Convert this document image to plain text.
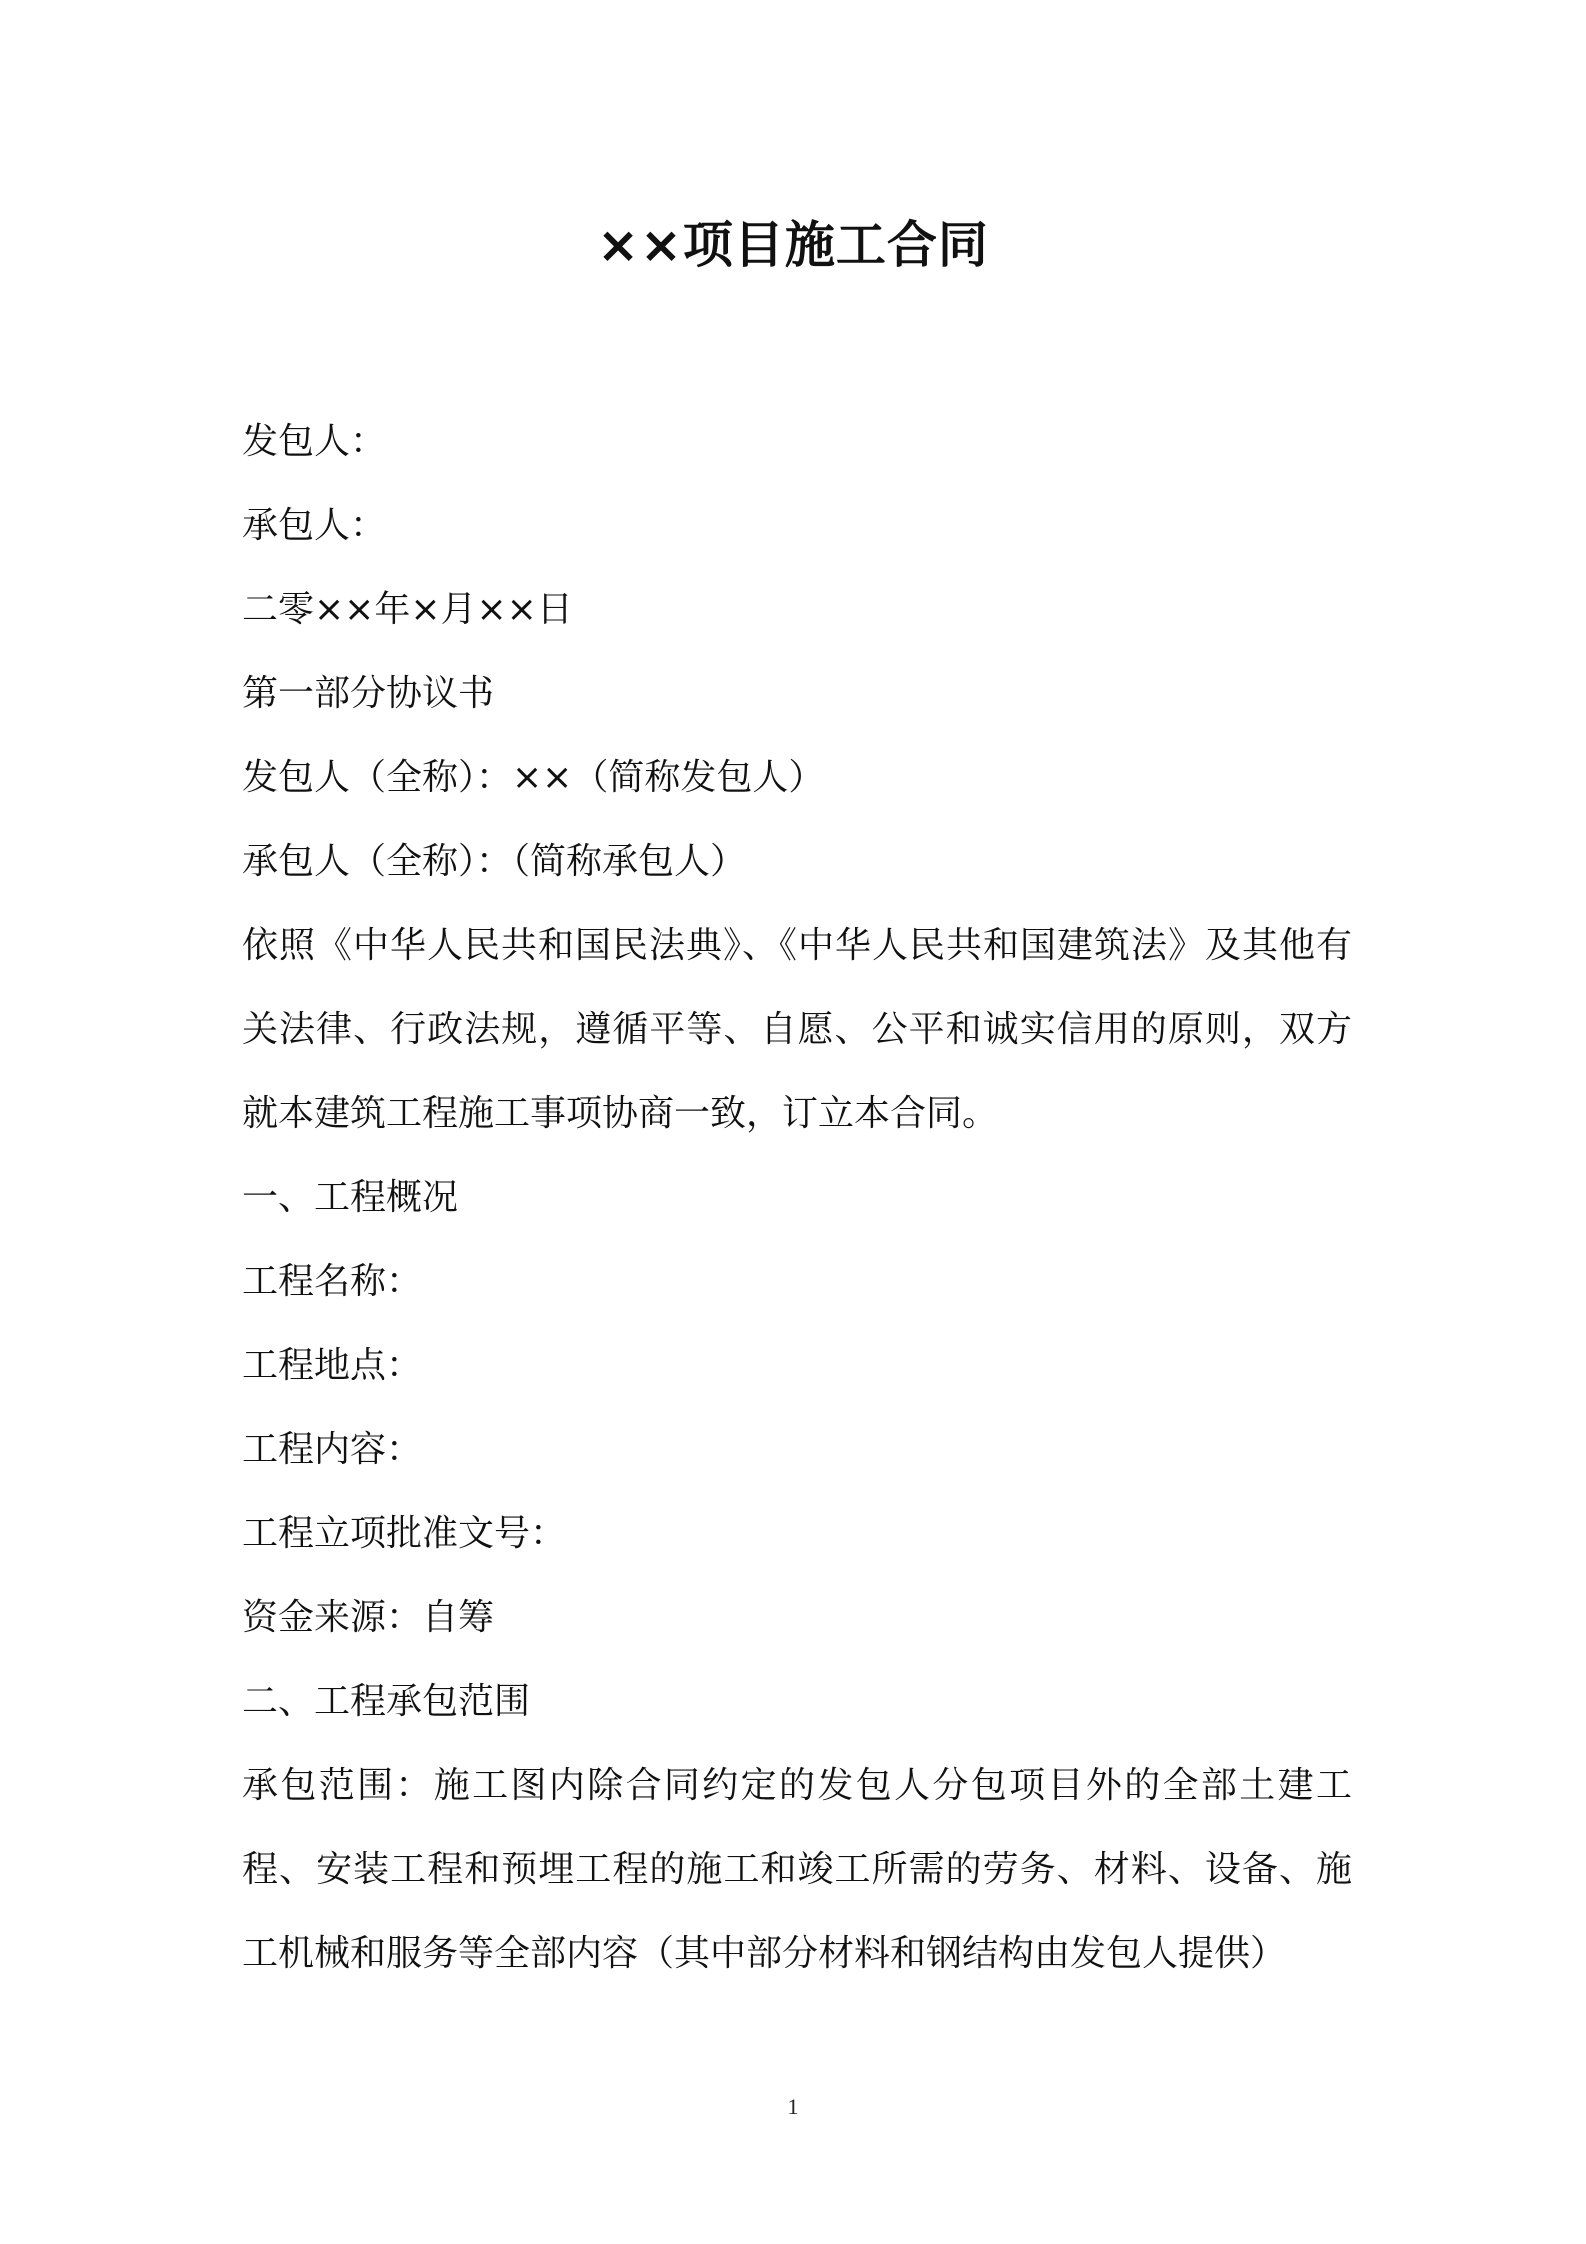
××项目施工合同
发包人：
承包人：
二零××年×月××日
第一部分协议书
发包人（全称）：××（简称发包人）
承包人（全称）：（简称承包人）
依照《中华人民共和国民法典》、《中华人民共和国建筑法》及其他有关法律、行政法规，遵循平等、自愿、公平和诚实信用的原则，双方就本建筑工程施工事项协商一致，订立本合同。
一、工程概况
工程名称：
工程地点：
工程内容：
工程立项批准文号：
资金来源：自筹
二、工程承包范围
承包范围：施工图内除合同约定的发包人分包项目外的全部土建工程、安装工程和预埋工程的施工和竣工所需的劳务、材料、设备、施工机械和服务等全部内容（其中部分材料和钢结构由发包人提供）
1
